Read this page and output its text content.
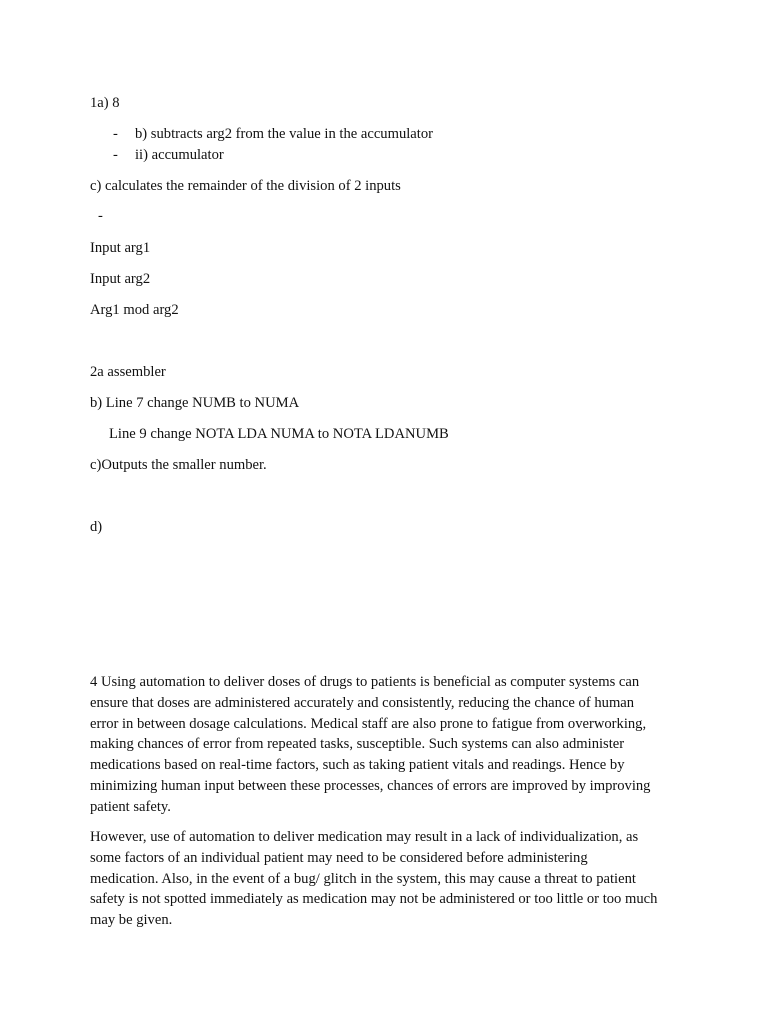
1a) 8
- b) subtracts arg2 from the value in the accumulator
- ii) accumulator
c) calculates the remainder of the division of 2 inputs
-
Input arg1
Input arg2
Arg1 mod arg2
2a assembler
b) Line 7 change NUMB to NUMA
Line 9 change NOTA LDA NUMA to NOTA LDANUMB
c)Outputs the smaller number.
d)
4 Using automation to deliver doses of drugs to patients is beneficial as computer systems can
ensure that doses are administered accurately and consistently, reducing the chance of human
error in between dosage calculations. Medical staff are also prone to fatigue from overworking,
making chances of error from repeated tasks, susceptible. Such systems can also administer
medications based on real-time factors, such as taking patient vitals and readings. Hence by
minimizing human input between these processes, chances of errors are improved by improving
patient safety.
However, use of automation to deliver medication may result in a lack of individualization, as
some factors of an individual patient may need to be considered before administering
medication. Also, in the event of a bug/ glitch in the system, this may cause a threat to patient
safety is not spotted immediately as medication may not be administered or too little or too much
may be given.
